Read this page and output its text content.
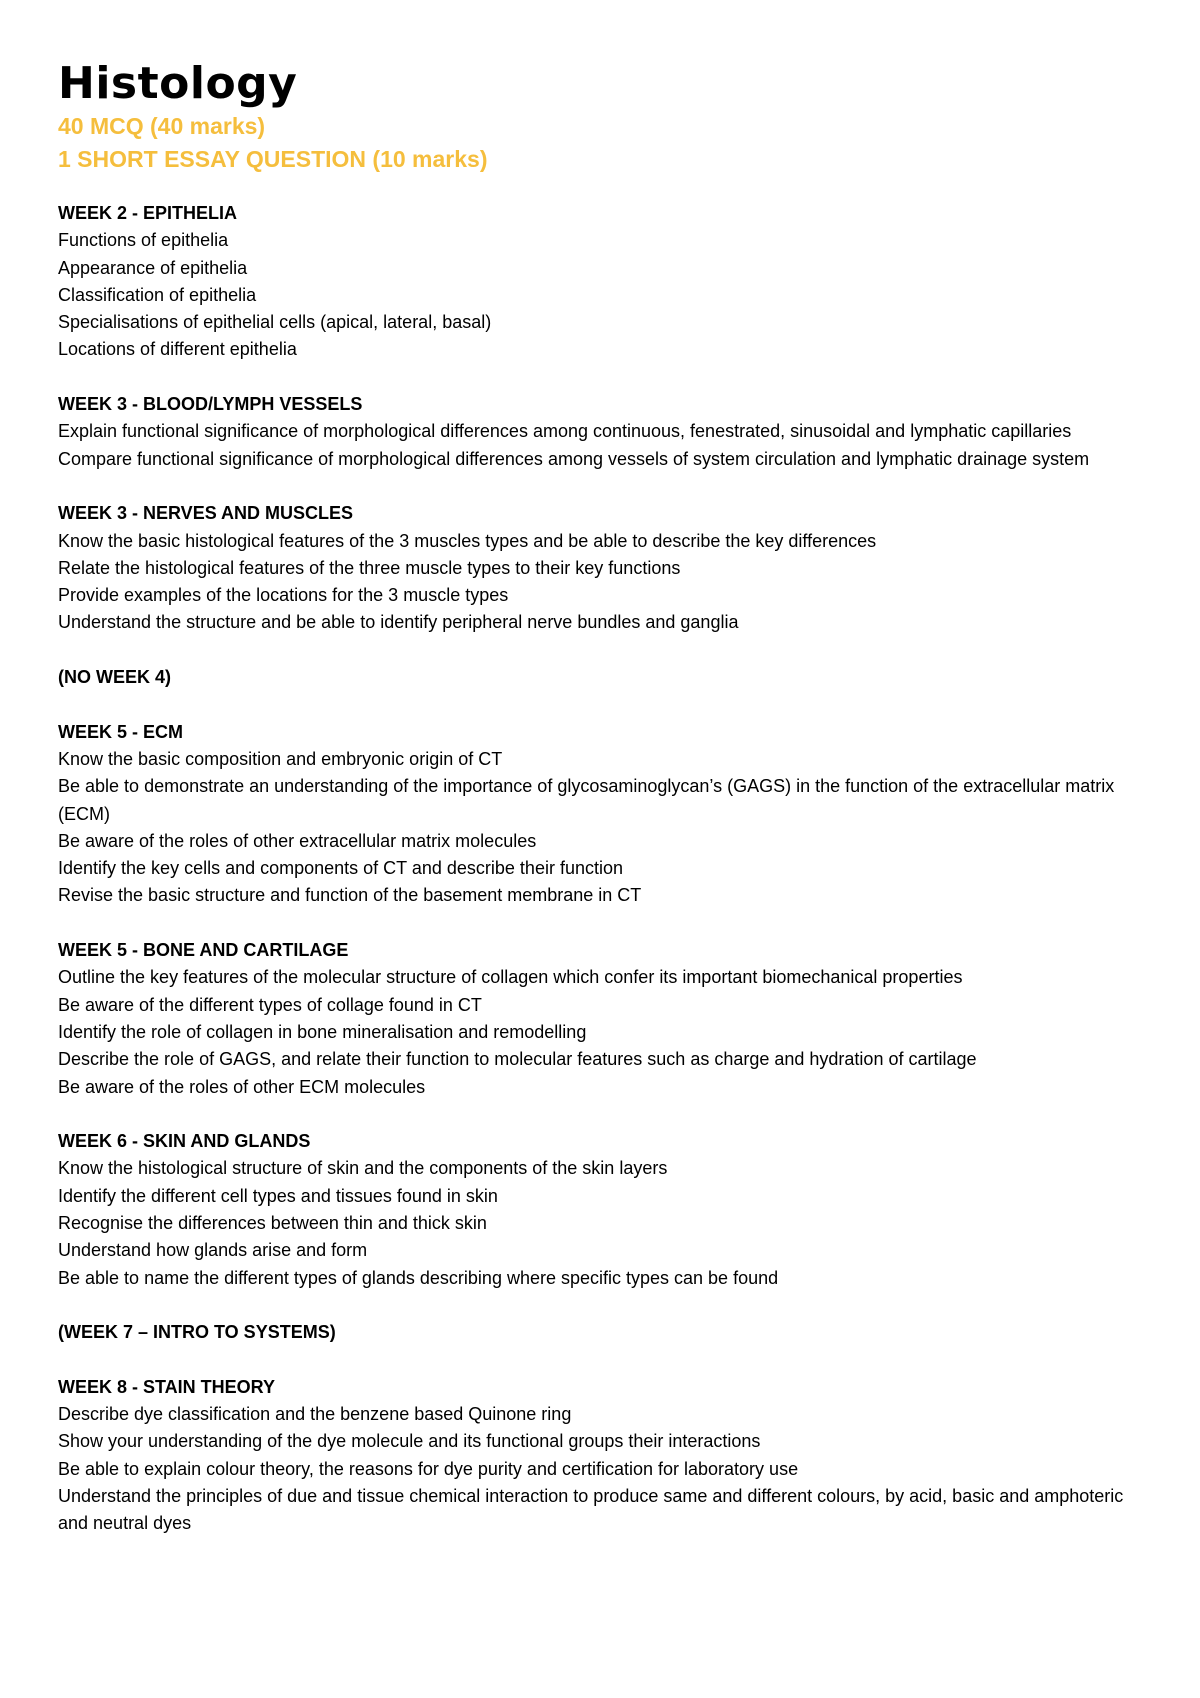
Histology

40 MCQ (40 marks)

1 SHORT ESSAY QUESTION (10 marks)

WEEK 2 - EPITHELIA

Functions of epithelia

Appearance of epithelia

Classification of epithelia

Specialisations of epithelial cells (apical, lateral, basal)

Locations of different epithelia

WEEK 3 - BLOOD/LYMPH VESSELS

Explain functional significance of morphological differences among continuous, fenestrated, sinusoidal and lymphatic capillaries

Compare functional significance of morphological differences among vessels of system circulation and lymphatic drainage system

WEEK 3 - NERVES AND MUSCLES

Know the basic histological features of the 3 muscles types and be able to describe the key differences

Relate the histological features of the three muscle types to their key functions

Provide examples of the locations for the 3 muscle types

Understand the structure and be able to identify peripheral nerve bundles and ganglia

(NO WEEK 4)

WEEK 5 - ECM

Know the basic composition and embryonic origin of CT

Be able to demonstrate an understanding of the importance of glycosaminoglycan’s (GAGS) in the function of the extracellular matrix (ECM)

Be aware of the roles of other extracellular matrix molecules

Identify the key cells and components of CT and describe their function

Revise the basic structure and function of the basement membrane in CT

WEEK 5 - BONE AND CARTILAGE

Outline the key features of the molecular structure of collagen which confer its important biomechanical properties

Be aware of the different types of collage found in CT

Identify the role of collagen in bone mineralisation and remodelling

Describe the role of GAGS, and relate their function to molecular features such as charge and hydration of cartilage

Be aware of the roles of other ECM molecules

WEEK 6 - SKIN AND GLANDS

Know the histological structure of skin and the components of the skin layers

Identify the different cell types and tissues found in skin

Recognise the differences between thin and thick skin

Understand how glands arise and form

Be able to name the different types of glands describing where specific types can be found

(WEEK 7 – INTRO TO SYSTEMS)

WEEK 8 - STAIN THEORY

Describe dye classification and the benzene based Quinone ring

Show your understanding of the dye molecule and its functional groups their interactions

Be able to explain colour theory, the reasons for dye purity and certification for laboratory use

Understand the principles of due and tissue chemical interaction to produce same and different colours, by acid, basic and amphoteric and neutral dyes
